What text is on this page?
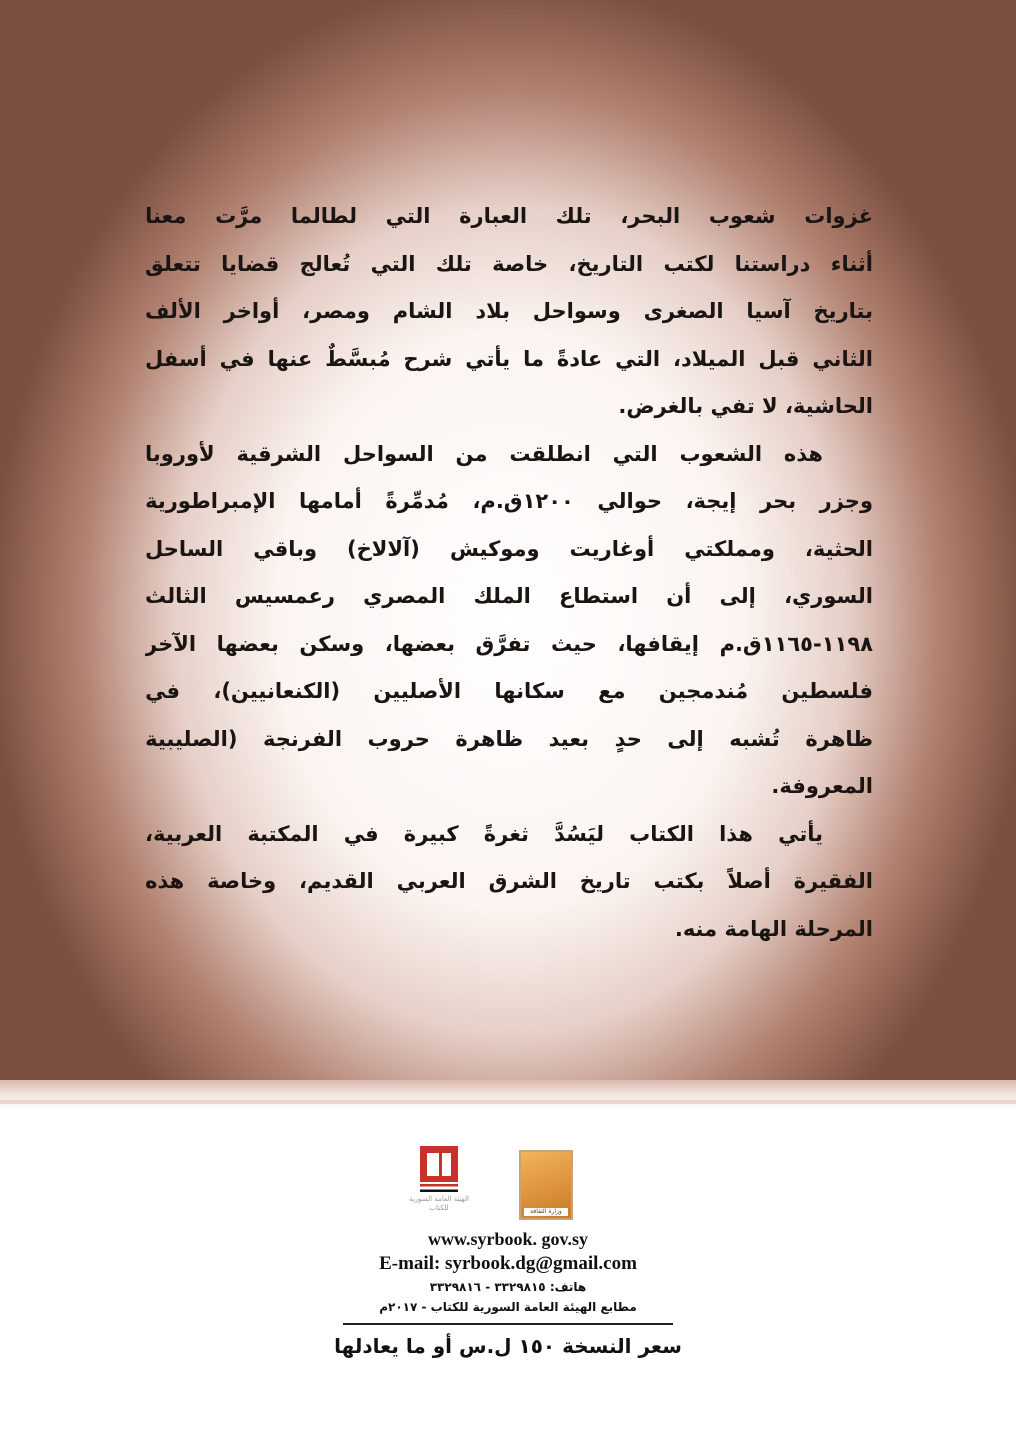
غزوات
شعوب
البحر،
تلك
العبارة
التي
لطالما
مرَّت
معنا
أثناء
دراستنا
لكتب
التاريخ،
خاصة
تلك
التي
تُعالج
قضايا
تتعلق
بتاريخ
آسيا
الصغرى
وسواحل
بلاد
الشام
ومصر،
أواخر
الألف
الثاني
قبل
الميلاد،
التي
عادةً
ما
يأتي
شرح
مُبسَّطٌ
عنها
في
أسفل
الحاشية، لا تفي بالغرض.
هذه
الشعوب
التي
انطلقت
من
السواحل
الشرقية
لأوروبا
وجزر
بحر
إيجة،
حوالي
١٢٠٠ق.م،
مُدمِّرةً
أمامها
الإمبراطورية
الحثية،
ومملكتي
أوغاريت
وموكيش
(آلالاخ)
وباقي
الساحل
السوري،
إلى
أن
استطاع
الملك
المصري
رعمسيس
الثالث
١١٩٨-١١٦٥ق.م
إيقافها،
حيث
تفرَّق
بعضها،
وسكن
بعضها
الآخر
فلسطين
مُندمجين
مع
سكانها
الأصليين
(الكنعانيين)،
في
ظاهرة
تُشبه
إلى
حدٍ
بعيد
ظاهرة
حروب
الفرنجة
(الصليبية
المعروفة.
يأتي
هذا
الكتاب
ليَسُدَّ
ثغرةً
كبيرة
في
المكتبة
العربية،
الفقيرة
أصلاً
بكتب
تاريخ
الشرق
العربي
القديم،
وخاصة
هذه
المرحلة الهامة منه.
الهيئة العامة السورية للكتاب	وزارة الثقافة
www.syrbook. gov.sy
E-mail: syrbook.dg@gmail.com
هاتف: ٣٣٢٩٨١٥ - ٣٣٢٩٨١٦
مطابع الهيئة العامة السورية للكتاب - ٢٠١٧م
سعر النسخة ١٥٠ ل.س أو ما يعادلها
